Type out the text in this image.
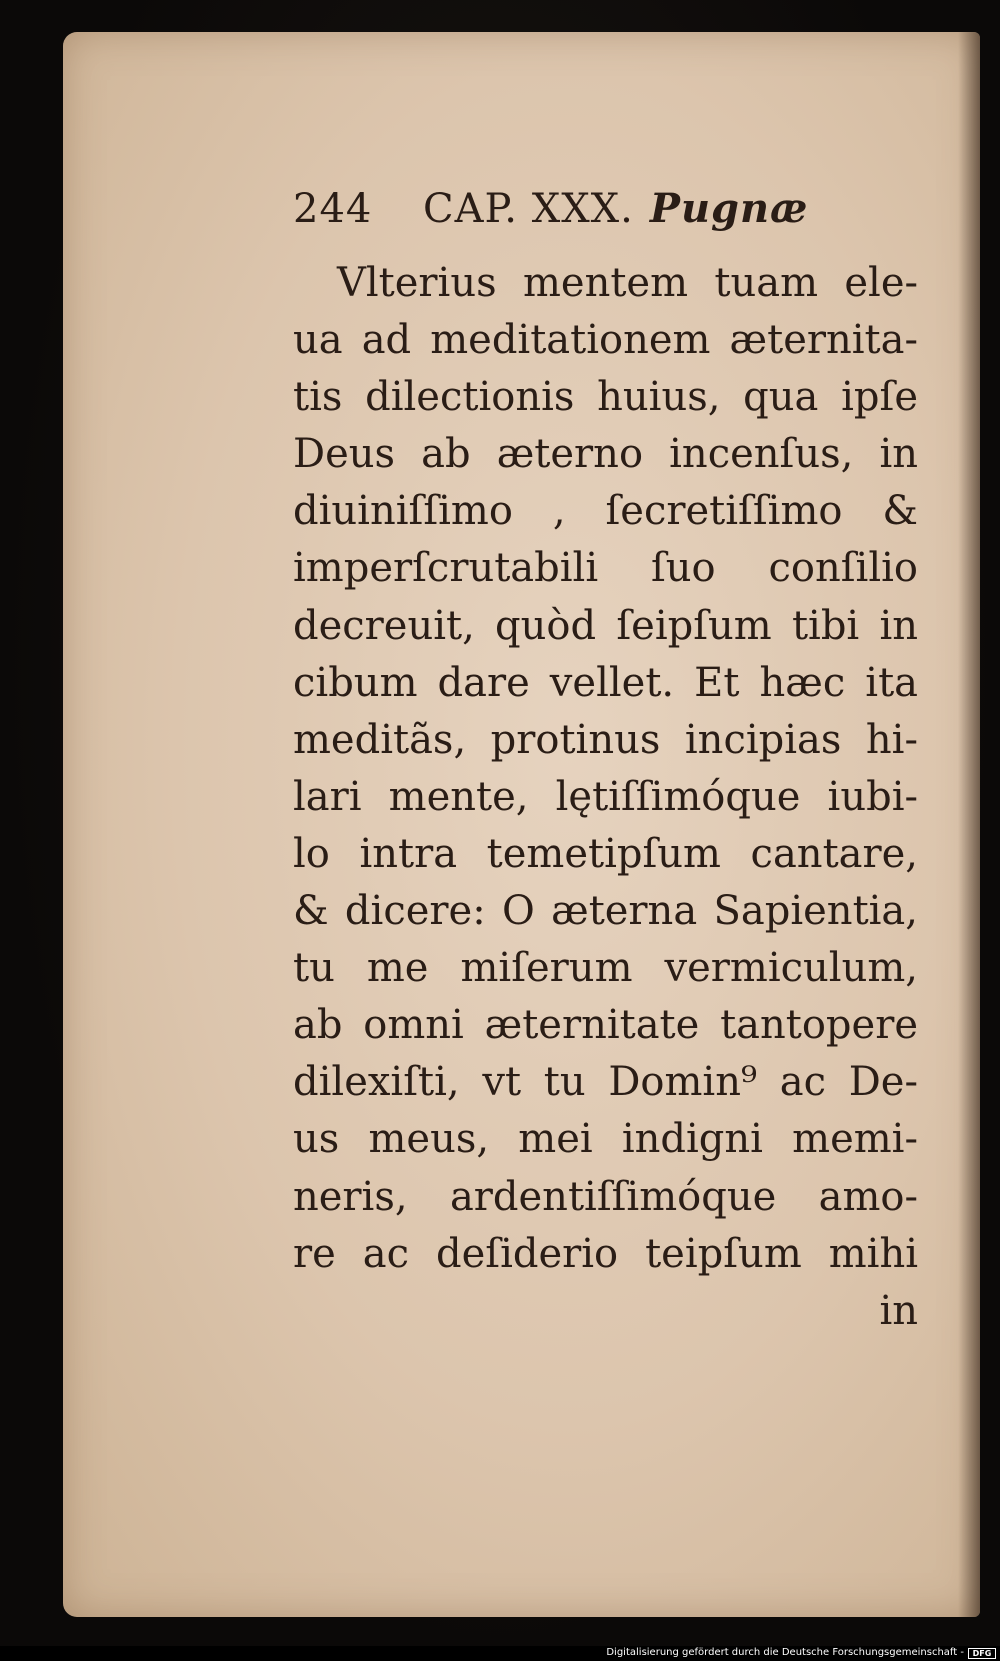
244	CAP. XXX. Pugnæ
Vlterius mentem tuam ele-
ua ad meditationem æternita-
tis dilectionis huius, qua ipſe
Deus ab æterno incenſus, in
diuiniſſimo , ſecretiſſimo &
imperſcrutabili ſuo conſilio
decreuit, quòd ſeipſum tibi in
cibum dare vellet. Et hæc ita
meditãs, protinus incipias hi-
lari mente, lętiſſimóque iubi-
lo intra temetipſum cantare,
& dicere: O æterna Sapientia,
tu me miſerum vermiculum,
ab omni æternitate tantopere
dilexiſti, vt tu Domin⁹ ac De-
us meus, mei indigni memi-
neris, ardentiſſimóque amo-
re ac deſiderio teipſum mihi
in
Digitalisierung gefördert durch die Deutsche Forschungsgemeinschaft -	DFG
